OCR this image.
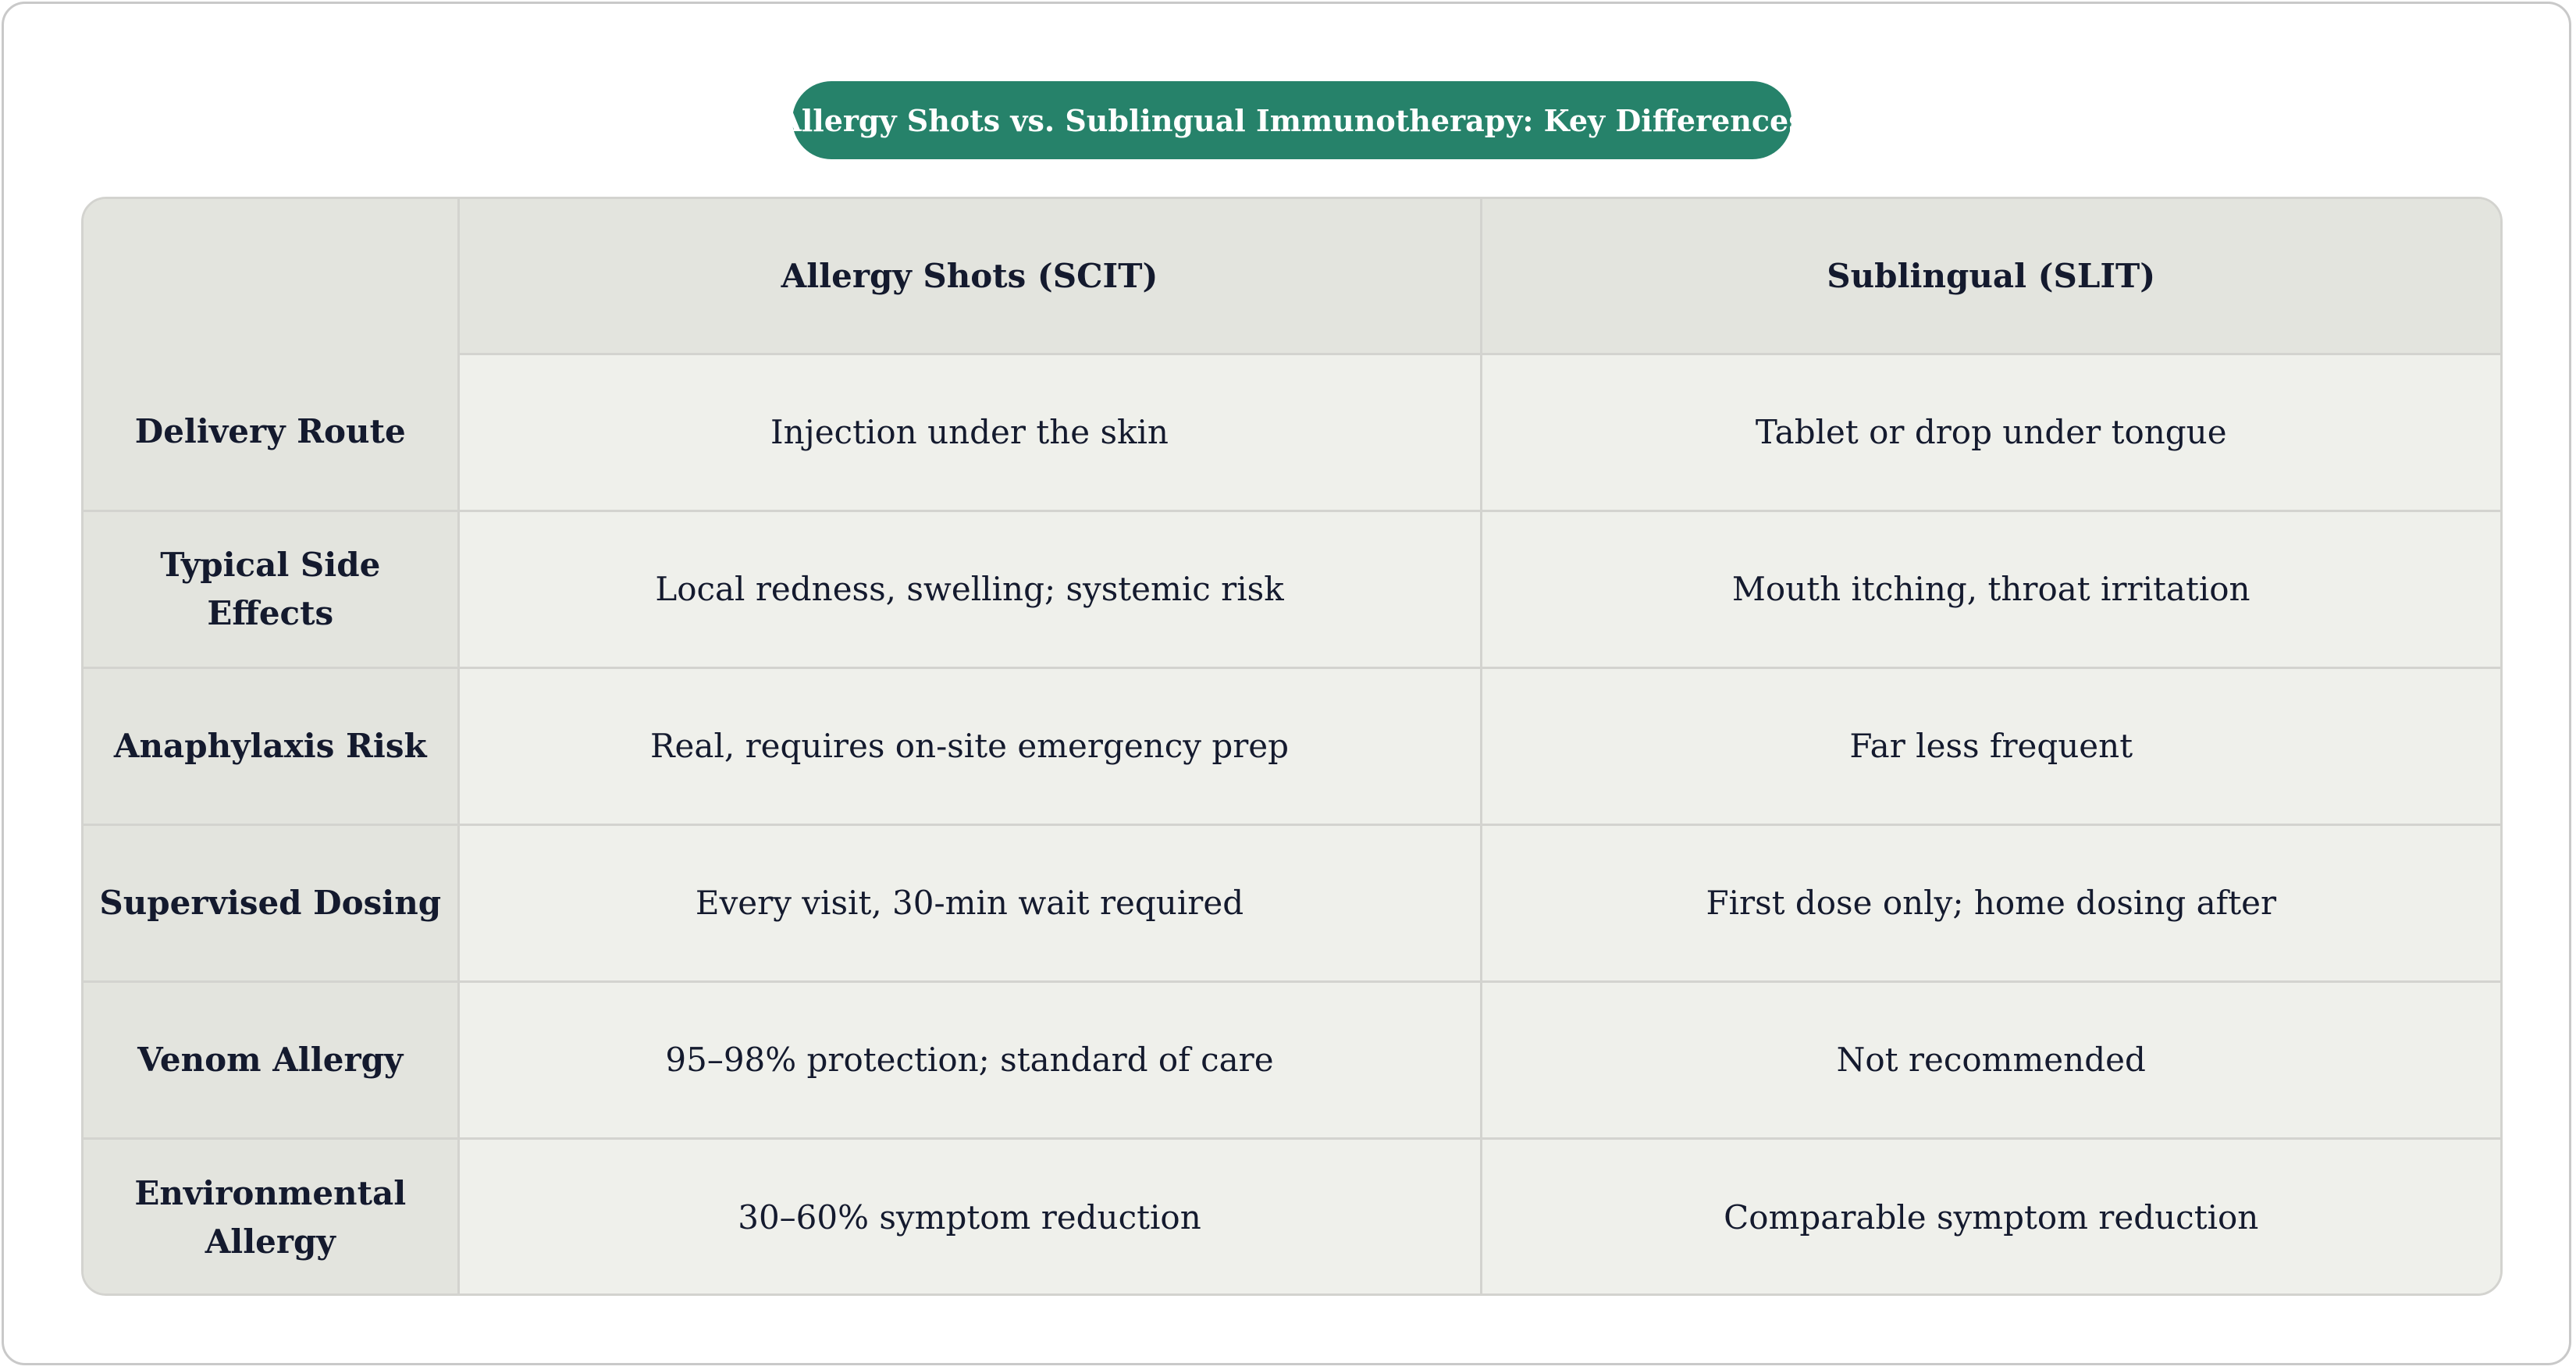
Allergy Shots vs. Sublingual Immunotherapy: Key Differences
	Allergy Shots (SCIT)	Sublingual (SLIT)
Delivery Route	Injection under the skin	Tablet or drop under tongue
Typical Side Effects	Local redness, swelling; systemic risk	Mouth itching, throat irritation
Anaphylaxis Risk	Real, requires on-site emergency prep	Far less frequent
Supervised Dosing	Every visit, 30-min wait required	First dose only; home dosing after
Venom Allergy	95–98% protection; standard of care	Not recommended
Environmental Allergy	30–60% symptom reduction	Comparable symptom reduction
